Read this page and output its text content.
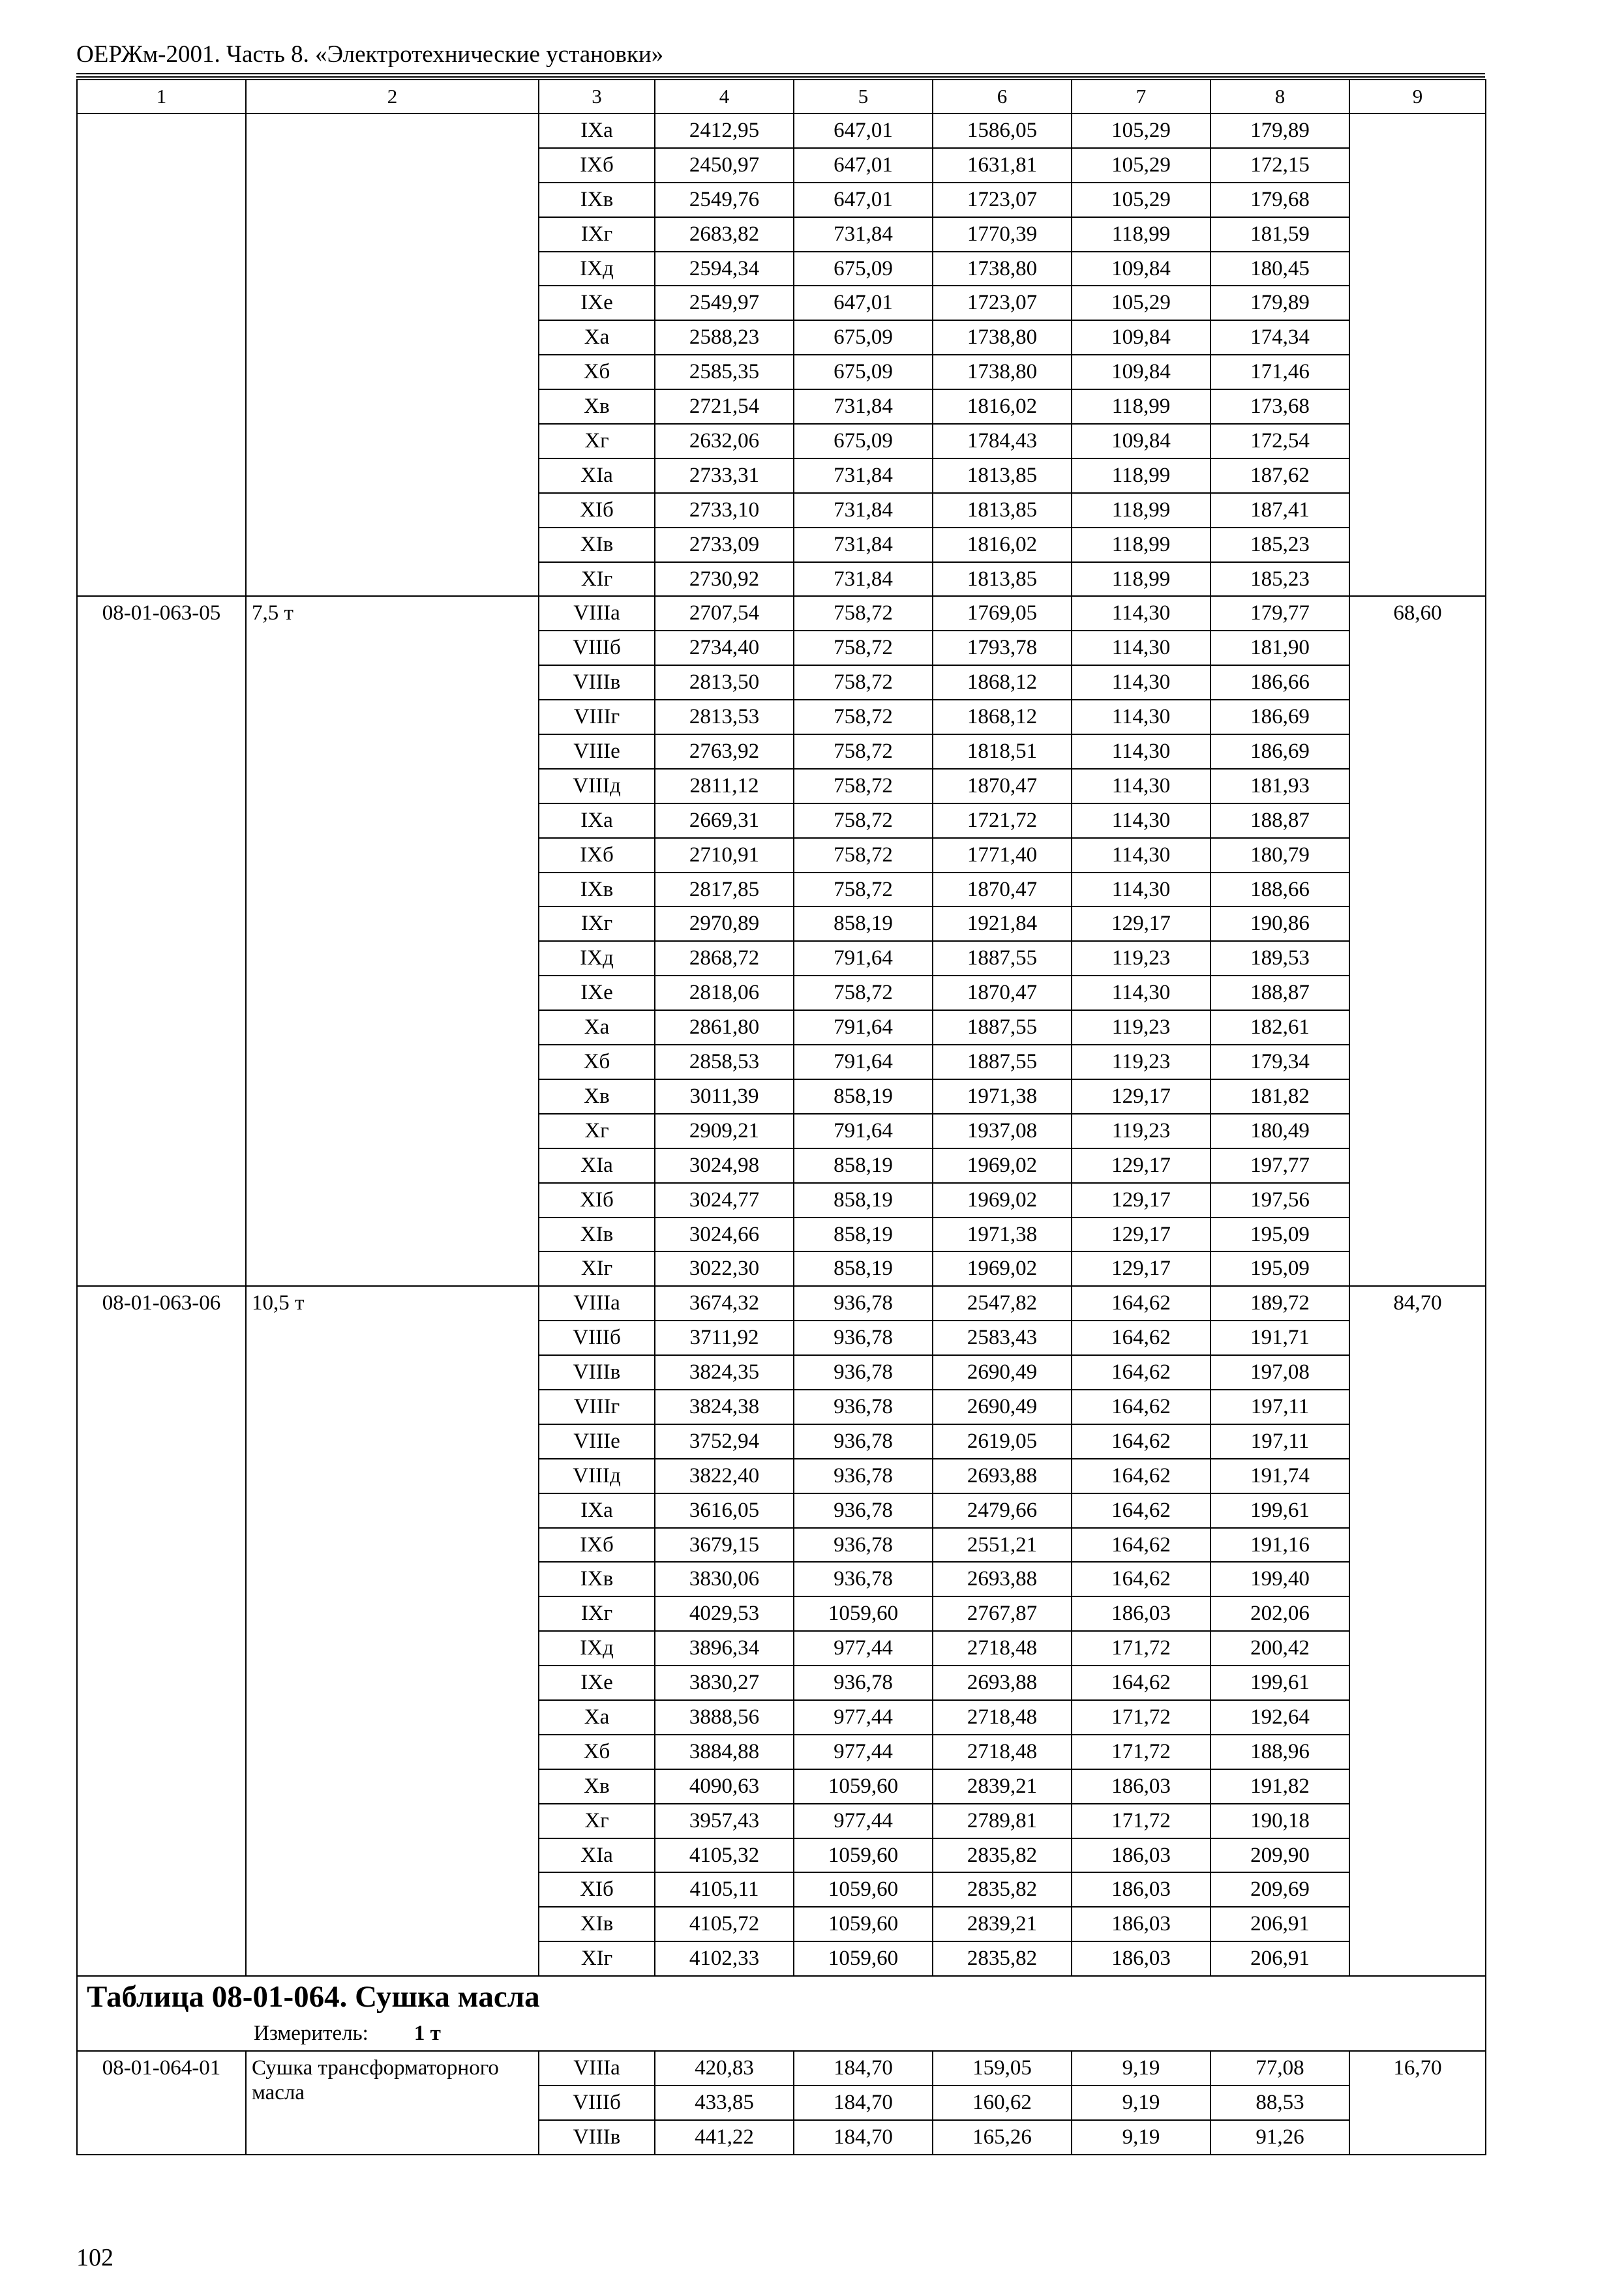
ОЕРЖм-2001. Часть 8. «Электротехнические установки»
1	2	3	4	5	6	7	8	9
		IXа	2412,95	647,01	1586,05	105,29	179,89	
		IXб	2450,97	647,01	1631,81	105,29	172,15	
		IXв	2549,76	647,01	1723,07	105,29	179,68	
		IXг	2683,82	731,84	1770,39	118,99	181,59	
		IXд	2594,34	675,09	1738,80	109,84	180,45	
		IXе	2549,97	647,01	1723,07	105,29	179,89	
		Xа	2588,23	675,09	1738,80	109,84	174,34	
		Xб	2585,35	675,09	1738,80	109,84	171,46	
		Xв	2721,54	731,84	1816,02	118,99	173,68	
		Xг	2632,06	675,09	1784,43	109,84	172,54	
		XIа	2733,31	731,84	1813,85	118,99	187,62	
		XIб	2733,10	731,84	1813,85	118,99	187,41	
		XIв	2733,09	731,84	1816,02	118,99	185,23	
		XIг	2730,92	731,84	1813,85	118,99	185,23	
08-01-063-05	7,5 т	VIIIа	2707,54	758,72	1769,05	114,30	179,77	68,60
		VIIIб	2734,40	758,72	1793,78	114,30	181,90	
		VIIIв	2813,50	758,72	1868,12	114,30	186,66	
		VIIIг	2813,53	758,72	1868,12	114,30	186,69	
		VIIIе	2763,92	758,72	1818,51	114,30	186,69	
		VIIIд	2811,12	758,72	1870,47	114,30	181,93	
		IXа	2669,31	758,72	1721,72	114,30	188,87	
		IXб	2710,91	758,72	1771,40	114,30	180,79	
		IXв	2817,85	758,72	1870,47	114,30	188,66	
		IXг	2970,89	858,19	1921,84	129,17	190,86	
		IXд	2868,72	791,64	1887,55	119,23	189,53	
		IXе	2818,06	758,72	1870,47	114,30	188,87	
		Xа	2861,80	791,64	1887,55	119,23	182,61	
		Xб	2858,53	791,64	1887,55	119,23	179,34	
		Xв	3011,39	858,19	1971,38	129,17	181,82	
		Xг	2909,21	791,64	1937,08	119,23	180,49	
		XIа	3024,98	858,19	1969,02	129,17	197,77	
		XIб	3024,77	858,19	1969,02	129,17	197,56	
		XIв	3024,66	858,19	1971,38	129,17	195,09	
		XIг	3022,30	858,19	1969,02	129,17	195,09	
08-01-063-06	10,5 т	VIIIа	3674,32	936,78	2547,82	164,62	189,72	84,70
		VIIIб	3711,92	936,78	2583,43	164,62	191,71	
		VIIIв	3824,35	936,78	2690,49	164,62	197,08	
		VIIIг	3824,38	936,78	2690,49	164,62	197,11	
		VIIIе	3752,94	936,78	2619,05	164,62	197,11	
		VIIIд	3822,40	936,78	2693,88	164,62	191,74	
		IXа	3616,05	936,78	2479,66	164,62	199,61	
		IXб	3679,15	936,78	2551,21	164,62	191,16	
		IXв	3830,06	936,78	2693,88	164,62	199,40	
		IXг	4029,53	1059,60	2767,87	186,03	202,06	
		IXд	3896,34	977,44	2718,48	171,72	200,42	
		IXе	3830,27	936,78	2693,88	164,62	199,61	
		Xа	3888,56	977,44	2718,48	171,72	192,64	
		Xб	3884,88	977,44	2718,48	171,72	188,96	
		Xв	4090,63	1059,60	2839,21	186,03	191,82	
		Xг	3957,43	977,44	2789,81	171,72	190,18	
		XIа	4105,32	1059,60	2835,82	186,03	209,90	
		XIб	4105,11	1059,60	2835,82	186,03	209,69	
		XIв	4105,72	1059,60	2839,21	186,03	206,91	
		XIг	4102,33	1059,60	2835,82	186,03	206,91	

Таблица 08-01-064. Сушка масла								

Измеритель: 1 т								
08-01-064-01	Сушка трансформаторного масла	VIIIа	420,83	184,70	159,05	9,19	77,08	16,70
		VIIIб	433,85	184,70	160,62	9,19	88,53	
		VIIIв	441,22	184,70	165,26	9,19	91,26	
102
